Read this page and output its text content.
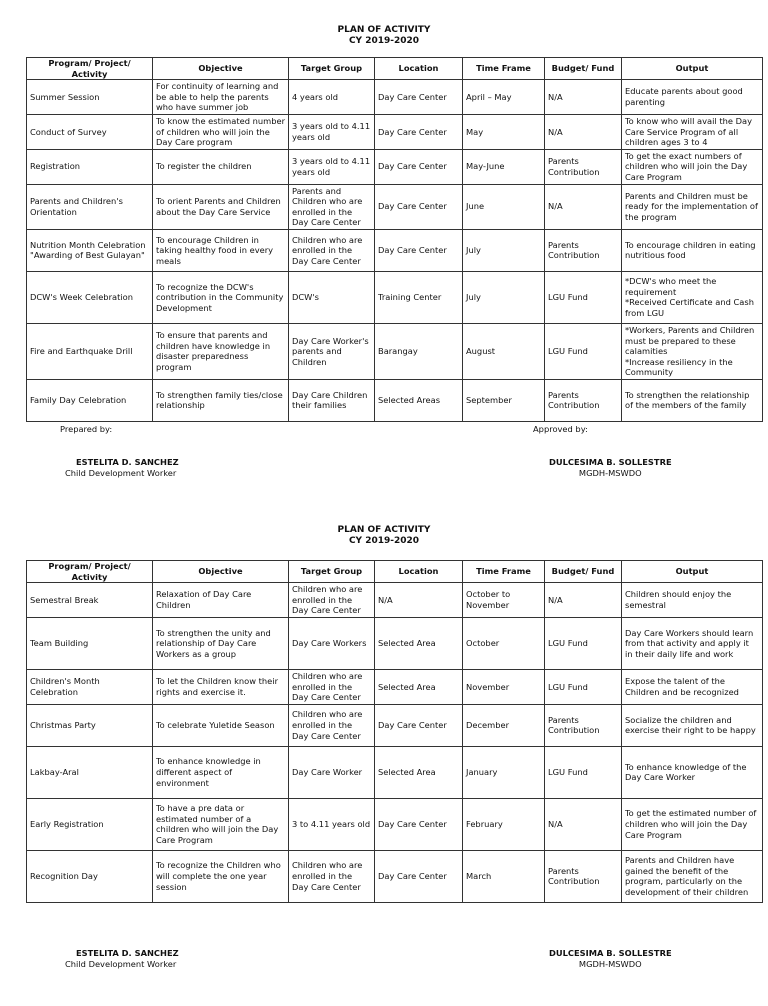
PLAN OF ACTIVITY
CY 2019-2020
Program/ Project/ Activity	Objective	Target Group	Location	Time Frame	Budget/ Fund	Output
Summer Session	For continuity of learning and be able to help the parents who have summer job	4 years old	Day Care Center	April – May	N/A	Educate parents about good parenting
Conduct of Survey	To know the estimated number of children who will join the Day Care program	3 years old to 4.11 years old	Day Care Center	May	N/A	To know who will avail the Day Care Service Program of all children ages 3 to 4
Registration	To register the children	3 years old to 4.11 years old	Day Care Center	May-June	Parents Contribution	To get the exact numbers of children who will join the Day Care Program
Parents and Children's Orientation	To orient Parents and Children about the Day Care Service	Parents and Children who are enrolled in the Day Care Center	Day Care Center	June	N/A	Parents and Children must be ready for the implementation of the program
Nutrition Month Celebration "Awarding of Best Gulayan"	To encourage Children in taking healthy food in every meals	Children who are enrolled in the Day Care Center	Day Care Center	July	Parents Contribution	To encourage children in eating nutritious food
DCW's Week Celebration	To recognize the DCW's contribution in the Community Development	DCW's	Training Center	July	LGU Fund	*DCW's who meet the requirement
*Received Certificate and Cash from LGU
Fire and Earthquake Drill	To ensure that parents and children have knowledge in disaster preparedness program	Day Care Worker's parents and Children	Barangay	August	LGU Fund	*Workers, Parents and Children must be prepared to these calamities
*Increase resiliency in the Community
Family Day Celebration	To strengthen family ties/close relationship	Day Care Children their families	Selected Areas	September	Parents Contribution	To strengthen the relationship of the members of the family
Prepared by:	Approved by:
ESTELITA D. SANCHEZ
Child Development Worker
DULCESIMA B. SOLLESTRE
MGDH-MSWDO
PLAN OF ACTIVITY
CY 2019-2020
Program/ Project/ Activity	Objective	Target Group	Location	Time Frame	Budget/ Fund	Output
Semestral Break	Relaxation of Day Care Children	Children who are enrolled in the Day Care Center	N/A	October to November	N/A	Children should enjoy the semestral
Team Building	To strengthen the unity and relationship of Day Care Workers as a group	Day Care Workers	Selected Area	October	LGU Fund	Day Care Workers should learn from that activity and apply it in their daily life and work
Children's Month Celebration	To let the Children know their rights and exercise it.	Children who are enrolled in the Day Care Center	Selected Area	November	LGU Fund	Expose the talent of the Children and be recognized
Christmas Party	To celebrate Yuletide Season	Children who are enrolled in the Day Care Center	Day Care Center	December	Parents Contribution	Socialize the children and exercise their right to be happy
Lakbay-Aral	To enhance knowledge in different aspect of environment	Day Care Worker	Selected Area	January	LGU Fund	To enhance knowledge of the Day Care Worker
Early Registration	To have a pre data or estimated number of a children who will join the Day Care Program	3 to 4.11 years old	Day Care Center	February	N/A	To get the estimated number of children who will join the Day Care Program
Recognition Day	To recognize the Children who will complete the one year session	Children who are enrolled in the Day Care Center	Day Care Center	March	Parents Contribution	Parents and Children have gained the benefit of the program, particularly on the development of their children
ESTELITA D. SANCHEZ
Child Development Worker
DULCESIMA B. SOLLESTRE
MGDH-MSWDO
